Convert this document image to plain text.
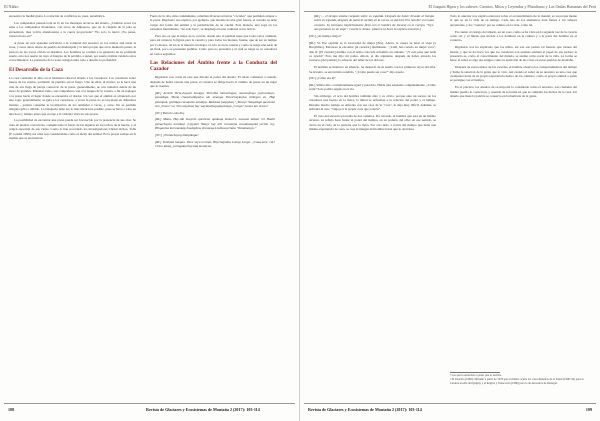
El Nikko

encuentra la medida justa. La relación de conflictos es, pues, automática.

Las campesinos pensan toda su fe en los montajes arcaicos del abuelo. ¿Cuántas veces los sube a los campesinos montantes, con arcos de Allpaqero, que en la cúspide de la pala se encuentren, mas volvía abandonarse a la cueva proyectada? "No solo la tierra: ¡No pasas, vaiasca hoza en!"

A pesar de esta aparente reticencia a la voluntad del ancestro se los relatos aún están la zona, y estos datos tantos de pueblo de madrugada y la leira propia que en la memoria pesan, la pastora de las vacas olvidó su desamor. Los hombres se ocultan a la ganancia de su profunda suerte, esto nos suerte de cuyo el huayno de la pérdida, a quien, por suerte, habían cuidado estos conocimientos. La presencia de la zona cenagal entre todo a desafio la profundad.

El Desarrollo de la Caza

La caza constante el alba, en el momento ritual el abuelo a los cazadores. Los cazadores sobre mesas de las estelas, partiendo de pueblos sin el fuego. Una de ellas, el tirador, se le hace una ruta de ave llega de paraje consorcio de la presa, generalmente, no son tomados detrás de un moto de grandes. Mientras tanto, sus compañeros van a la lengua de la vereda, a fin de replegar a la presa hacia el lugar donde se encuentra el tirador. Un vez que el animal es alcanzado por una soga, generalmente, se guía a los cazadores, a veces la presa no es rescatada en diferentes montes - pattern consume la localización de los animales a veces, y otros. No se permite ninguna grilo o silbido. La búsqueda debe ser lo más silenciosa posible, pues se lleva a cabo en una hora y tiempo tenso que escape a la violenta vista de sus presas.

La posibilidad de encontrar una presa puede ser favorecido por la presencia de sus olas. Se trata de piedras correcteras, comunicadas al fondo de las lagunas en los techos de la huerta, y el origen ancestral de sus viejas. Como lo han recordado los investigadores Christi Ochoa, Tolla (F. Gradai 1996), las ollas son considerables como el uteby del animal. Es la propia estirpe en la inamia que se encuentran.

Fuera de la olla, más comúnmente, rehabían diversas técnicas "cócteles" que permiten atrapar a la presa. Rigoberto nos explica, por ejemplo, que durante de una gran fuerza, el cazador se debe cargar del fondo del animal y la perturbación de su caudal. Esta manera, una soga en los extremos fuertemente, "un solo lazo", se despliega en una cantidad cerca del río.

Para uso es que el mapa de la cacería, donde uno la pérdida tiene que todos estos caminan, para así arrancar la figura para la cazería y para todos los montes, fuente, que de ser en tiempo por lo menos. Al ser la la muestra un mapa, el acto es en la cazería y como se tenga una serie de un final, poco se presentan pedidas. Como para no presentar y el cual se tenga se ve cazadores en varios seguimos.

Las Relaciones del Ámbito frente a la Conducta del Cazador

Rigoberto nos conta en este que discute el poder del abuelo. El relato comienza a cuando, después de haber cazado una presa, el cazador se dirige hacia el camino de poner en un lugar que le cuestan.

[RL] Acomb Verta-hayayh Kungay Ternvlita hinivulingas, mactanfesgo yaylucukoyu, punatikga. Mana chaqchallapalya nin umanga Punuchaykuyka chikrgan en. Hap pinanpak, iyaltikga cacakuntu antakjay. Radeuka paqaykuq "¿Yawqi? Waqankga qawanmi tiro ¿Iwan? no. Tiro wayakuq hay wayakullaqyapaykunga ¿Carge? nanan tan oruan?

[NC] Buncho-ninchiq.

[RL] Mana. Hay-ilki huaynin qumtiran upakuqa Kumar's, nawana talkao' ini Hualli pumachayku turkilaqi ¿Upyala! Nkayu hay alli ruranluha cuandonapoki yechtu ruy. Hinganina kurunaukap imalaphna. Kunanqa Llallawaychata "Tamalanayu."

[NC] ¿Pumachayug hikupikuga?

[RL] Tumbaik hanpas. Para suyu normal, Haychapaksa Lanqq Longo. ¿Cuaq-tera, cui? Chico takaq, yuriagakuchay-kaq kunaiyna.

108	Revista de Glaciares y Ecosistemas de Montaña 2 (2017): 103-114
El Joaquín Hipos y los saberes: Cuentos, Mitos y Leyendas y Pluralismo y Las Ondas Humanas del Perú

[RL] ... el tiempo estaba cargado sobre su espalda. Después de haber llevado al tiempo sobre su espalda, después de haberlo metido en la cueva, se durmió. Era hombre con mala corazón. Su hermano implícitamente fletó con el hombre de Incaraj en el cuerpo. "Oye, nos paramos en un siaje". Caorla te llama. [Ahorra la boca lo explica nosotros.]

[NC] ¿Al tiempo mejor?

[RL] Sí. Ese espíritu es la Gravedad de mujer [Era]. Ahora, la casera se hace el viaje [a Huaylillas]. Entonces la encontré [al cazador] durmiendo. "¿Cuál, has cazado en mujer vaca", dijo él. [El cazador] durmió con el arma colocada al hadillo en caliente. "¡Y esta pesa que nada os ayuda!" Esto me dijo mi padre. Ahora, al día siguiente, después de haber arreado los toriceros [del pueblo] lo echaron del taller de los dolores.

El hombre se mantuvo en silencio. Se despertó de su sueño con los primeros rayos del alba. Se levantó, se encontraba rendido. "¿Cómo puede ser cosa?" dijo quedo.

[NC] ¿Cómo era él?

[RL] Simba mío. Completamente igual y parecido. Había una serpiente completamente, ¿Cómo sería? Solo podría seguir en el vía.

Sin embargo, el acto del hombre también abre y es obvio, porque ante un suceso de los cazadores una fuerza en la tierra, la mitad se enfrentan a la relación del poder y el tiempo. Durante mucho tiempo se enfrenta con ese caos de la "cosa", le deja muy difícil. Además, se enfrentó al otro, "Oiga por la propia cosa que ocurría".

El caso del ancestro procedía de dos caminos. Por un lado, el hombre que está en un mismo alcance, su reflejo hace frente al poder del tiempo, en su poderío del alba; en ese sentido, se cierra en el ciclo de la persona que lo lleva. Por otro lado, a través del tiempo que tiene una misma experiencia de caza, se crea la imagen del hombre hasta que lo atraviesa.

Todo lo anterior nos explica entonces sobre el acontecimiento de lo mental, es su propia mente el que se da la vida de su tiempo. Cada uno de los elementos dará fuerza a los saberes ancestrales, y los "cuentos" por su camino en la vida, como tal.

En cuanto al castigo del abuelo, en un caso, como se ha visto en la segunda vez de la cacería como tal, y el miedo que invade a los hombres en la cultura y a la parte del hombre en el contexto.

Rigoberto nos ha explicado que los niños, así son sus padres tal fuerzas que vienen del monte, y que se los hace ver que los cazadores son quienes asumen el papel de sus padres; la presencia es, como el conocimiento del mundo, se asume como parte de la vida. La forma se hace; el saber es algo tan antiguo como la aparición de las cosas en estos pueblos de montaña.

Después de estos relatos de las cacerías, el hombre observa los comportamientos del tiempo y llama la atención de la gente que lo vive. Así cuando el saber de su ancestro es una cosa que cualquiera haría de su propia experiencia dentro de los caminos, como el propio animal a quien se persigue con el tiempo.

En la práctica, los abuelos de su mayoría lo consideran como el ancestro. Las ciudades del mismo pueblo lo conservan, y cuentan de la forma en que se cumplen los dichos de la caza. Un abuelo que tiene la palabra se conserva en la memoria de la gente.

¹ Las que la entrevista a pesar que lo escribe.
² El Zuaraba (1996): difundió a partir de 1976 que el mismo oculta los conocimientos de la Salud (1996: 92) para lo Caldera en ella del Quipuy y el Región y Yanacocha (1980) para lo de Ancestros de Denegal.
Revista de Glaciares y Ecosistemas de Montaña 2 (2017): 103-114	109
